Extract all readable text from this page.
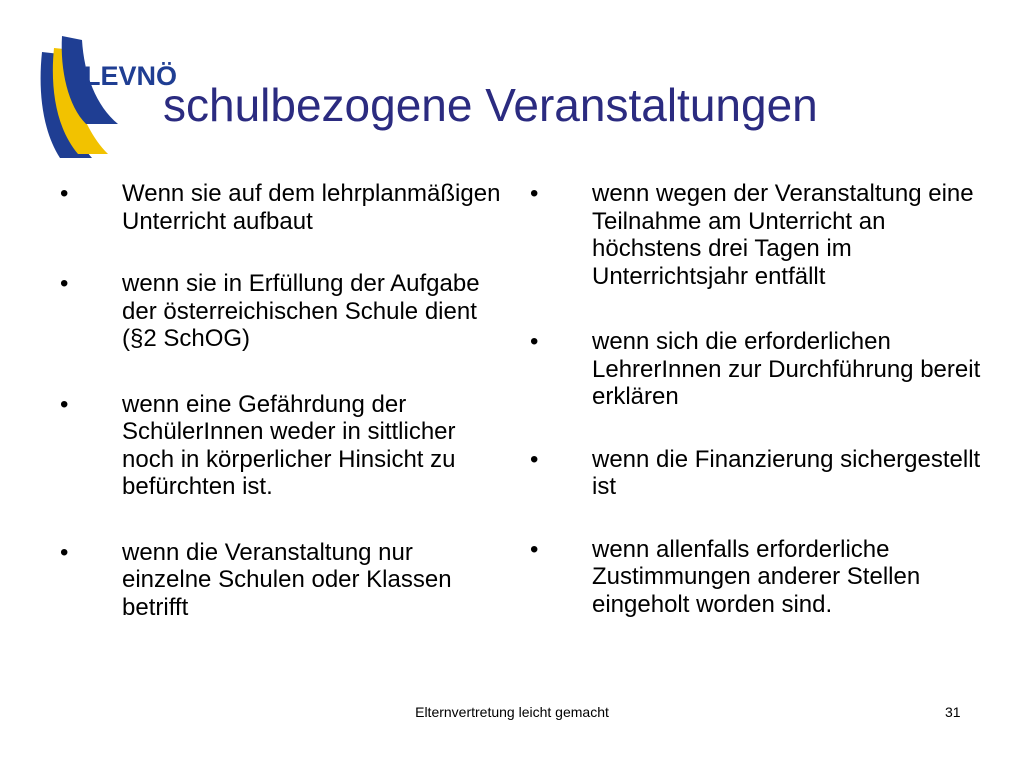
LEVNÖ
schulbezogene Veranstaltungen
• Wenn sie auf dem lehrplanmäßigen Unterricht aufbaut
• wenn sie in Erfüllung der Aufgabe der österreichischen Schule dient (§2 SchOG)
• wenn eine Gefährdung der SchülerInnen weder in sittlicher noch in körperlicher Hinsicht zu befürchten ist.
• wenn die Veranstaltung nur einzelne Schulen oder Klassen betrifft
• wenn wegen der Veranstaltung eine Teilnahme am Unterricht an höchstens drei Tagen im Unterrichtsjahr entfällt
• wenn sich die erforderlichen LehrerInnen zur Durchführung bereit erklären
• wenn die Finanzierung sichergestellt ist
• wenn allenfalls erforderliche Zustimmungen anderer Stellen eingeholt worden sind.
Elternvertretung leicht gemacht	31
